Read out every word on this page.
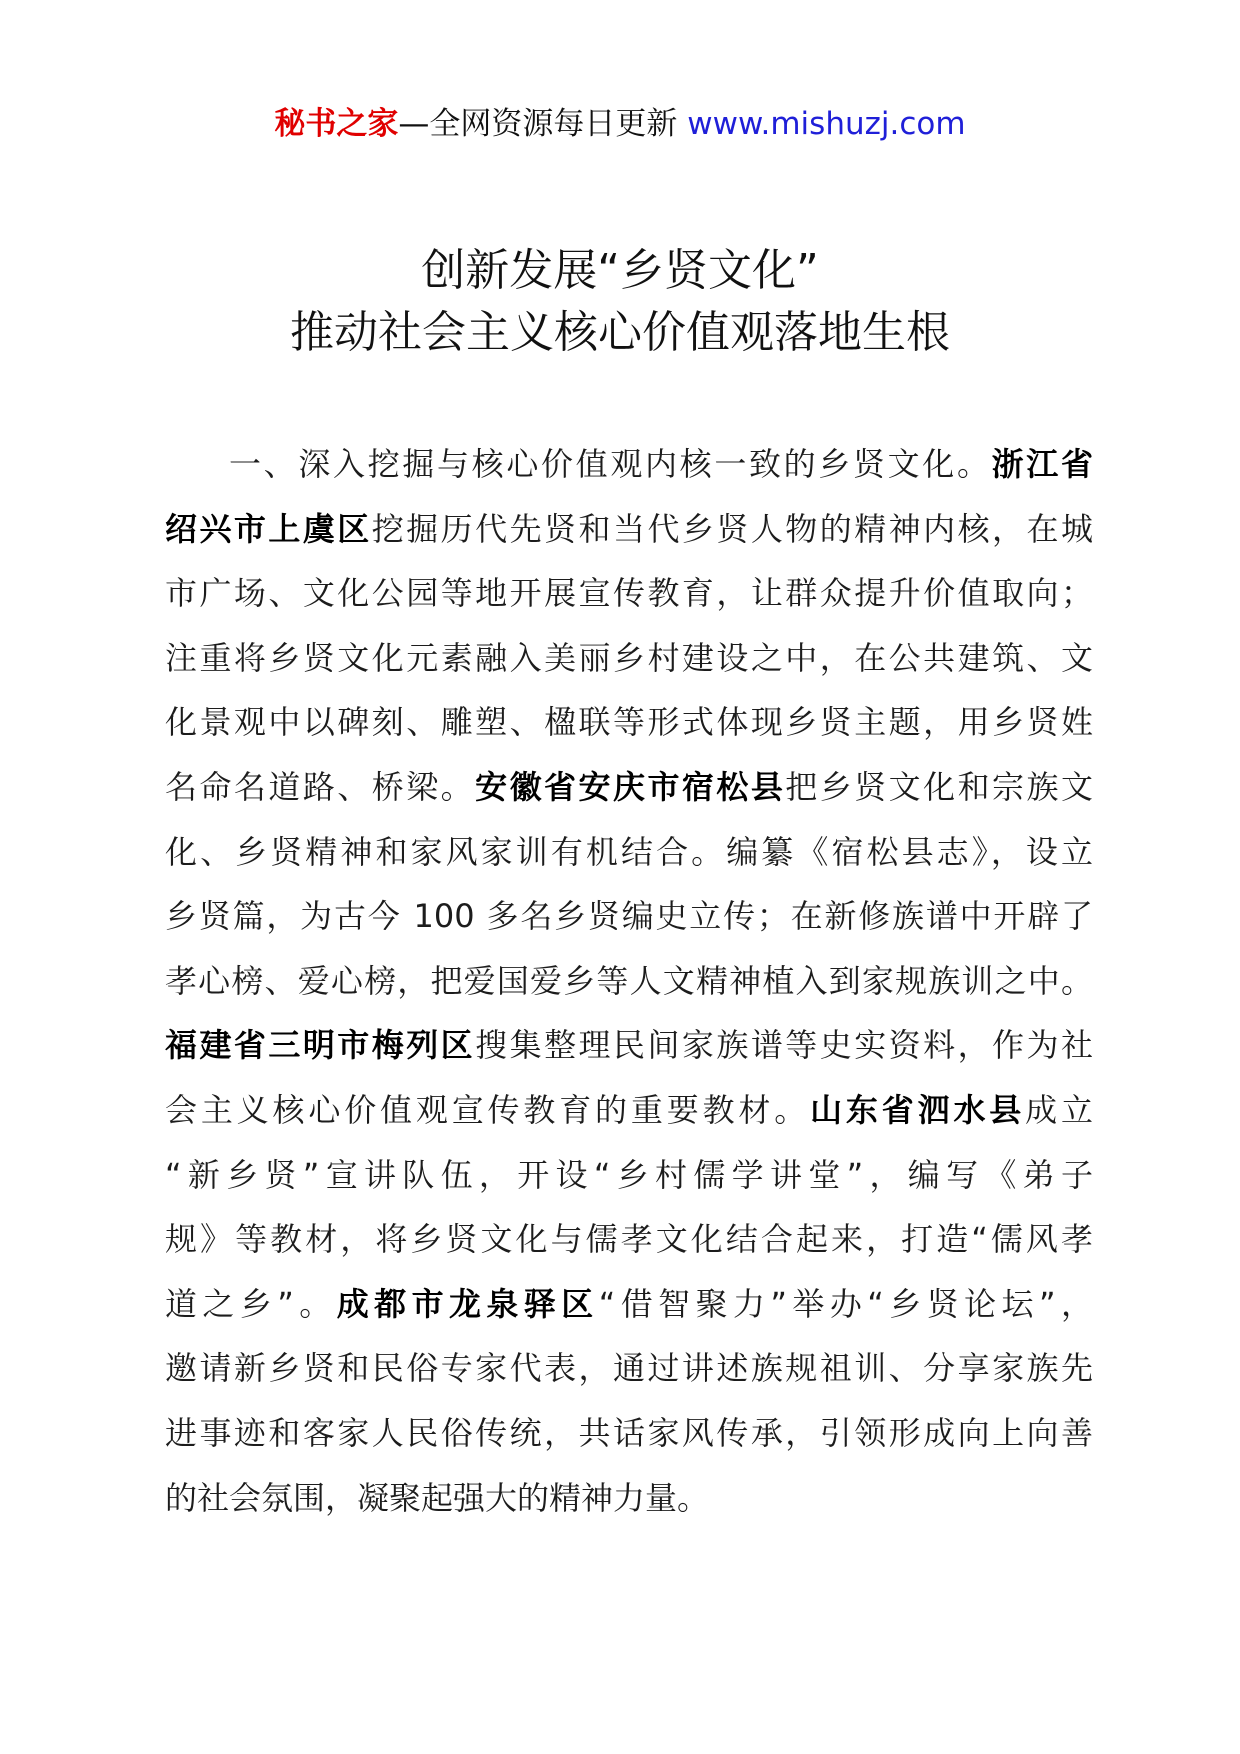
秘书之家—全网资源每日更新 www.mishuzj.com
创新发展“乡贤文化”
推动社会主义核心价值观落地生根
一、深入挖掘与核心价值观内核一致的乡贤文化。浙江省
绍兴市上虞区挖掘历代先贤和当代乡贤人物的精神内核，在城
市广场、文化公园等地开展宣传教育，让群众提升价值取向；
注重将乡贤文化元素融入美丽乡村建设之中，在公共建筑、文
化景观中以碑刻、雕塑、楹联等形式体现乡贤主题，用乡贤姓
名命名道路、桥梁。安徽省安庆市宿松县把乡贤文化和宗族文
化、乡贤精神和家风家训有机结合。编纂《宿松县志》，设立
乡贤篇，为古今 100 多名乡贤编史立传；在新修族谱中开辟了
孝心榜、爱心榜，把爱国爱乡等人文精神植入到家规族训之中。
福建省三明市梅列区搜集整理民间家族谱等史实资料，作为社
会主义核心价值观宣传教育的重要教材。山东省泗水县成立
“新乡贤”宣讲队伍，开设“乡村儒学讲堂”，编写《弟子
规》等教材，将乡贤文化与儒孝文化结合起来，打造“儒风孝
道之乡”。成都市龙泉驿区“借智聚力”举办“乡贤论坛”，
邀请新乡贤和民俗专家代表，通过讲述族规祖训、分享家族先
进事迹和客家人民俗传统，共话家风传承，引领形成向上向善
的社会氛围，凝聚起强大的精神力量。
